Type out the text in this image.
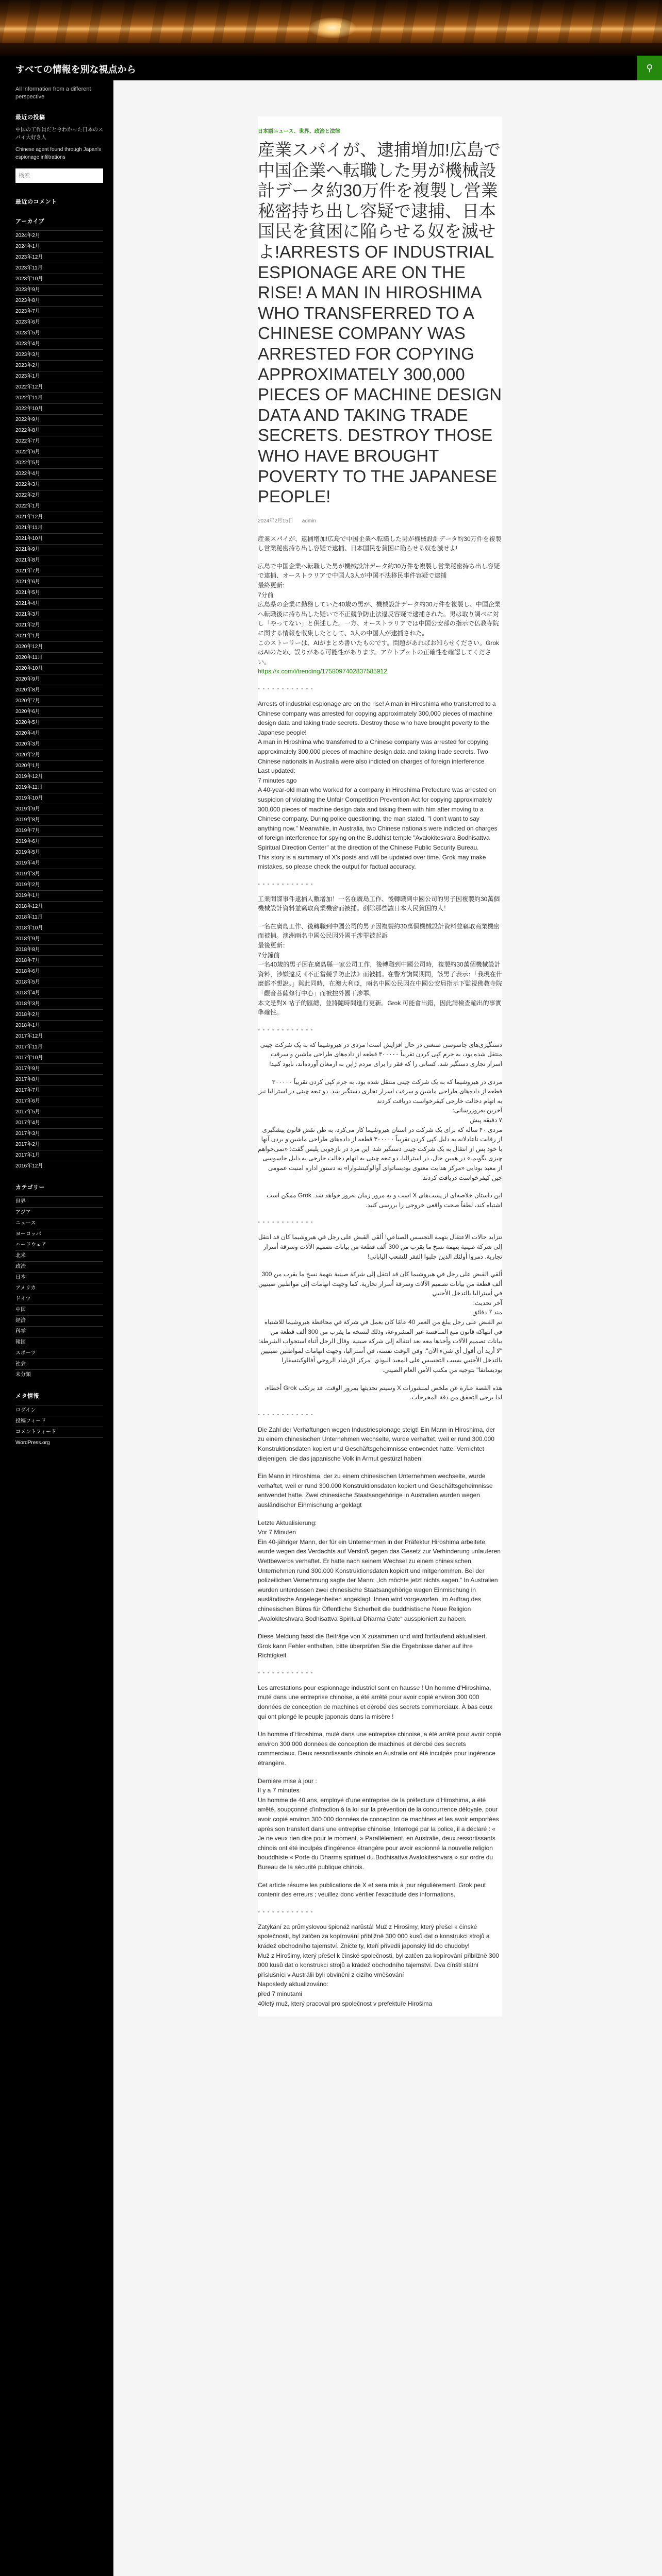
すべての情報を別な視点から	⚲

All information from a different perspective

最近の投稿

中国の工作員だと今わかった日本のスパイ大好き人

Chinese agent found through Japan's espionage infiltrations

検索
最近のコメント
アーカイブ
2024年2月
2024年1月
2023年12月
2023年11月
2023年10月
2023年9月
2023年8月
2023年7月
2023年6月
2023年5月
2023年4月
2023年3月
2023年2月
2023年1月
2022年12月
2022年11月
2022年10月
2022年9月
2022年8月
2022年7月
2022年6月
2022年5月
2022年4月
2022年3月
2022年2月
2022年1月
2021年12月
2021年11月
2021年10月
2021年9月
2021年8月
2021年7月
2021年6月
2021年5月
2021年4月
2021年3月
2021年2月
2021年1月
2020年12月
2020年11月
2020年10月
2020年9月
2020年8月
2020年7月
2020年6月
2020年5月
2020年4月
2020年3月
2020年2月
2020年1月
2019年12月
2019年11月
2019年10月
2019年9月
2019年8月
2019年7月
2019年6月
2019年5月
2019年4月
2019年3月
2019年2月
2019年1月
2018年12月
2018年11月
2018年10月
2018年9月
2018年8月
2018年7月
2018年6月
2018年5月
2018年4月
2018年3月
2018年2月
2018年1月
2017年12月
2017年11月
2017年10月
2017年9月
2017年8月
2017年7月
2017年6月
2017年5月
2017年4月
2017年3月
2017年2月
2017年1月
2016年12月
カテゴリー
世界
アジア
ニュース
ヨーロッパ
ハードウェア
北米
政治
日本
アメリカ
ドイツ
中国
経済
科学
韓国
スポーツ
社会
未分類
メタ情報
ログイン
投稿フィード
コメントフィード
WordPress.org
日本語ニュース、世界、政治と法律
産業スパイが、逮捕増加!広島で中国企業へ転職した男が機械設計データ約30万件を複製し営業秘密持ち出し容疑で逮捕、日本国民を貧困に陥らせる奴を滅せよ!ARRESTS OF INDUSTRIAL ESPIONAGE ARE ON THE RISE! A MAN IN HIROSHIMA WHO TRANSFERRED TO A CHINESE COMPANY WAS ARRESTED FOR COPYING APPROXIMATELY 300,000 PIECES OF MACHINE DESIGN DATA AND TAKING TRADE SECRETS. DESTROY THOSE WHO HAVE BROUGHT POVERTY TO THE JAPANESE PEOPLE!
2024年2月15日 admin

産業スパイが、逮捕増加!広島で中国企業へ転職した男が機械設計データ約30万件を複製し営業秘密持ち出し容疑で逮捕、日本国民を貧困に陥らせる奴を滅せよ!

広島で中国企業へ転職した男が機械設計データ約30万件を複製し営業秘密持ち出し容疑で逮捕、オーストラリアで中国人3人が中国不法移民事件容疑で逮捕
最終更新:
7分前
広島県の企業に勤務していた40歳の男が、機械設計データ約30万件を複製し、中国企業へ転職後に持ち出した疑いで不正競争防止法違反容疑で逮捕された。男は取り調べに対し「やってない」と供述した。一方、オーストラリアでは中国公安部の指示で仏教寺院に関する情報を収集したとして、3人の中国人が逮捕された。
このストーリーは、AIがまとめ書いたものです。問題があればお知らせください。GrokはAIのため、誤りがある可能性があります。アウトプットの正確性を確認してください。
https://x.com/i/trending/1758097402837585912

- - -

Arrests of industrial espionage are on the rise! A man in Hiroshima who transferred to a Chinese company was arrested for copying approximately 300,000 pieces of machine design data and taking trade secrets. Destroy those who have brought poverty to the Japanese people!
A man in Hiroshima who transferred to a Chinese company was arrested for copying approximately 300,000 pieces of machine design data and taking trade secrets. Two Chinese nationals in Australia were also indicted on charges of foreign interference
Last updated:
7 minutes ago
A 40-year-old man who worked for a company in Hiroshima Prefecture was arrested on suspicion of violating the Unfair Competition Prevention Act for copying approximately 300,000 pieces of machine design data and taking them with him after moving to a Chinese company. During police questioning, the man stated, "I don't want to say anything now." Meanwhile, in Australia, two Chinese nationals were indicted on charges of foreign interference for spying on the Buddhist temple "Avalokitesvara Bodhisattva Spiritual Direction Center" at the direction of the Chinese Public Security Bureau.
This story is a summary of X's posts and will be updated over time. Grok may make mistakes, so please check the output for factual accuracy.

- - -

工業間諜事件逮捕人數增加！一名在廣島工作、後轉職到中國公司的男子因複製約30萬個機械設計資料並竊取商業機密而被捕。剷除那些讓日本人民貧困的人！

一名在廣島工作、後轉職到中國公司的男子因複製約30萬個機械設計資料並竊取商業機密而被捕。澳洲兩名中國公民因外國干涉罪被起訴
最後更新：
7分鐘前
一名40歲的男子因在廣島縣一家公司工作，後轉職到中國公司時，複製約30萬個機械設計資料，涉嫌違反《不正當競爭防止法》而被捕。在警方詢問期間，該男子表示：「我現在什麼都不想說。」與此同時，在澳大利亞，兩名中國公民因在中國公安局指示下監視佛教寺院「觀音菩薩修行中心」而被控外國干涉罪。
本文是對X 帖子的匯總，並將隨時間進行更新。Grok 可能會出錯，因此請檢查輸出的事實準確性。

- - -

دستگیری‌های جاسوسی صنعتی در حال افزایش است! مردی در هیروشیما که به یک شرکت چینی منتقل شده بود، به جرم کپی کردن تقریباً ۳۰۰۰۰۰ قطعه از داده‌های طراحی ماشین و سرقت اسرار تجاری دستگیر شد. کسانی را که فقر را برای مردم ژاپن به ارمغان آورده‌اند، نابود کنید!

مردی در هیروشیما که به یک شرکت چینی منتقل شده بود، به جرم کپی کردن تقریباً ۳۰۰۰۰۰ قطعه از داده‌های طراحی ماشین و سرقت اسرار تجاری دستگیر شد. دو تبعه چینی در استرالیا نیز به اتهام دخالت خارجی کیفرخواست دریافت کردند
آخرین به‌روزرسانی:
۷ دقیقه پیش
مردی ۴۰ ساله که برای یک شرکت در استان هیروشیما کار می‌کرد، به ظن نقض قانون پیشگیری از رقابت ناعادلانه به دلیل کپی کردن تقریباً ۳۰۰۰۰۰ قطعه از داده‌های طراحی ماشین و بردن آنها با خود پس از انتقال به یک شرکت چینی دستگیر شد. این مرد در بازجویی پلیس گفت: «نمی‌خواهم چیزی بگویم.» در همین حال، در استرالیا، دو تبعه چینی به اتهام دخالت خارجی به دلیل جاسوسی از معبد بودایی «مرکز هدایت معنوی بودیساتوای آوالوکیتشوارا» به دستور اداره امنیت عمومی چین کیفرخواست دریافت کردند.

این داستان خلاصه‌ای از پست‌های X است و به مرور زمان به‌روز خواهد شد. Grok ممکن است اشتباه کند، لطفاً صحت واقعی خروجی را بررسی کنید.

- - -

تتزايد حالات الاعتقال بتهمة التجسس الصناعي! ألقي القبض على رجل في هيروشيما كان قد انتقل إلى شركة صينية بتهمة نسخ ما يقرب من 300 ألف قطعة من بيانات تصميم الآلات وسرقة أسرار تجارية. دمروا أولئك الذين جلبوا الفقر للشعب الياباني!

ألقي القبض على رجل في هيروشيما كان قد انتقل إلى شركة صينية بتهمة نسخ ما يقرب من 300 ألف قطعة من بيانات تصميم الآلات وسرقة أسرار تجارية. كما وجهت اتهامات إلى مواطنين صينيين في أستراليا بالتدخل الأجنبي
آخر تحديث:
منذ 7 دقائق
تم القبض على رجل يبلغ من العمر 40 عامًا كان يعمل في شركة في محافظة هيروشيما للاشتباه في انتهاكه قانون منع المنافسة غير المشروعة، وذلك لنسخه ما يقرب من 300 ألف قطعة من بيانات تصميم الآلات وأخذها معه بعد انتقاله إلى شركة صينية. وقال الرجل أثناء استجواب الشرطة: "لا أريد أن أقول أي شيء الآن". وفي الوقت نفسه، في أستراليا، وجهت اتهامات لمواطنين صينيين بالتدخل الأجنبي بسبب التجسس على المعبد البوذي "مركز الإرشاد الروحي أفالوكيتسفارا بوديساتفا" بتوجيه من مكتب الأمن العام الصيني.

هذه القصة عبارة عن ملخص لمنشورات X وسيتم تحديثها بمرور الوقت. قد يرتكب Grok أخطاء، لذا يرجى التحقق من دقة المخرجات.

- - -

Die Zahl der Verhaftungen wegen Industriespionage steigt! Ein Mann in Hiroshima, der zu einem chinesischen Unternehmen wechselte, wurde verhaftet, weil er rund 300.000 Konstruktionsdaten kopiert und Geschäftsgeheimnisse entwendet hatte. Vernichtet diejenigen, die das japanische Volk in Armut gestürzt haben!

Ein Mann in Hiroshima, der zu einem chinesischen Unternehmen wechselte, wurde verhaftet, weil er rund 300.000 Konstruktionsdaten kopiert und Geschäftsgeheimnisse entwendet hatte. Zwei chinesische Staatsangehörige in Australien wurden wegen ausländischer Einmischung angeklagt

Letzte Aktualisierung:
Vor 7 Minuten
Ein 40-jähriger Mann, der für ein Unternehmen in der Präfektur Hiroshima arbeitete, wurde wegen des Verdachts auf Verstoß gegen das Gesetz zur Verhinderung unlauteren Wettbewerbs verhaftet. Er hatte nach seinem Wechsel zu einem chinesischen Unternehmen rund 300.000 Konstruktionsdaten kopiert und mitgenommen. Bei der polizeilichen Vernehmung sagte der Mann: „Ich möchte jetzt nichts sagen.“ In Australien wurden unterdessen zwei chinesische Staatsangehörige wegen Einmischung in ausländische Angelegenheiten angeklagt. Ihnen wird vorgeworfen, im Auftrag des chinesischen Büros für Öffentliche Sicherheit die buddhistische Neue Religion „Avalokiteshvara Bodhisattva Spiritual Dharma Gate“ ausspioniert zu haben.

Diese Meldung fasst die Beiträge von X zusammen und wird fortlaufend aktualisiert. Grok kann Fehler enthalten, bitte überprüfen Sie die Ergebnisse daher auf ihre Richtigkeit

- - -

Les arrestations pour espionnage industriel sont en hausse ! Un homme d'Hiroshima, muté dans une entreprise chinoise, a été arrêté pour avoir copié environ 300 000 données de conception de machines et dérobé des secrets commerciaux. À bas ceux qui ont plongé le peuple japonais dans la misère !

Un homme d'Hiroshima, muté dans une entreprise chinoise, a été arrêté pour avoir copié environ 300 000 données de conception de machines et dérobé des secrets commerciaux. Deux ressortissants chinois en Australie ont été inculpés pour ingérence étrangère.

Dernière mise à jour :
Il y a 7 minutes
Un homme de 40 ans, employé d'une entreprise de la préfecture d'Hiroshima, a été arrêté, soupçonné d'infraction à la loi sur la prévention de la concurrence déloyale, pour avoir copié environ 300 000 données de conception de machines et les avoir emportées après son transfert dans une entreprise chinoise. Interrogé par la police, il a déclaré : « Je ne veux rien dire pour le moment. » Parallèlement, en Australie, deux ressortissants chinois ont été inculpés d'ingérence étrangère pour avoir espionné la nouvelle religion bouddhiste « Porte du Dharma spirituel du Bodhisattva Avalokiteshvara » sur ordre du Bureau de la sécurité publique chinois.

Cet article résume les publications de X et sera mis à jour régulièrement. Grok peut contenir des erreurs ; veuillez donc vérifier l'exactitude des informations.

- - -

Zatýkání za průmyslovou špionáž narůstá! Muž z Hirošimy, který přešel k čínské společnosti, byl zatčen za kopírování přibližně 300 000 kusů dat o konstrukci strojů a krádež obchodního tajemství. Zničte ty, kteří přivedli japonský lid do chudoby!
Muž z Hirošimy, který přešel k čínské společnosti, byl zatčen za kopírování přibližně 300 000 kusů dat o konstrukci strojů a krádež obchodního tajemství. Dva čínští státní příslušníci v Austrálii byli obviněni z cizího vměšování
Naposledy aktualizováno:
před 7 minutami
40letý muž, který pracoval pro společnost v prefektuře Hirošima
